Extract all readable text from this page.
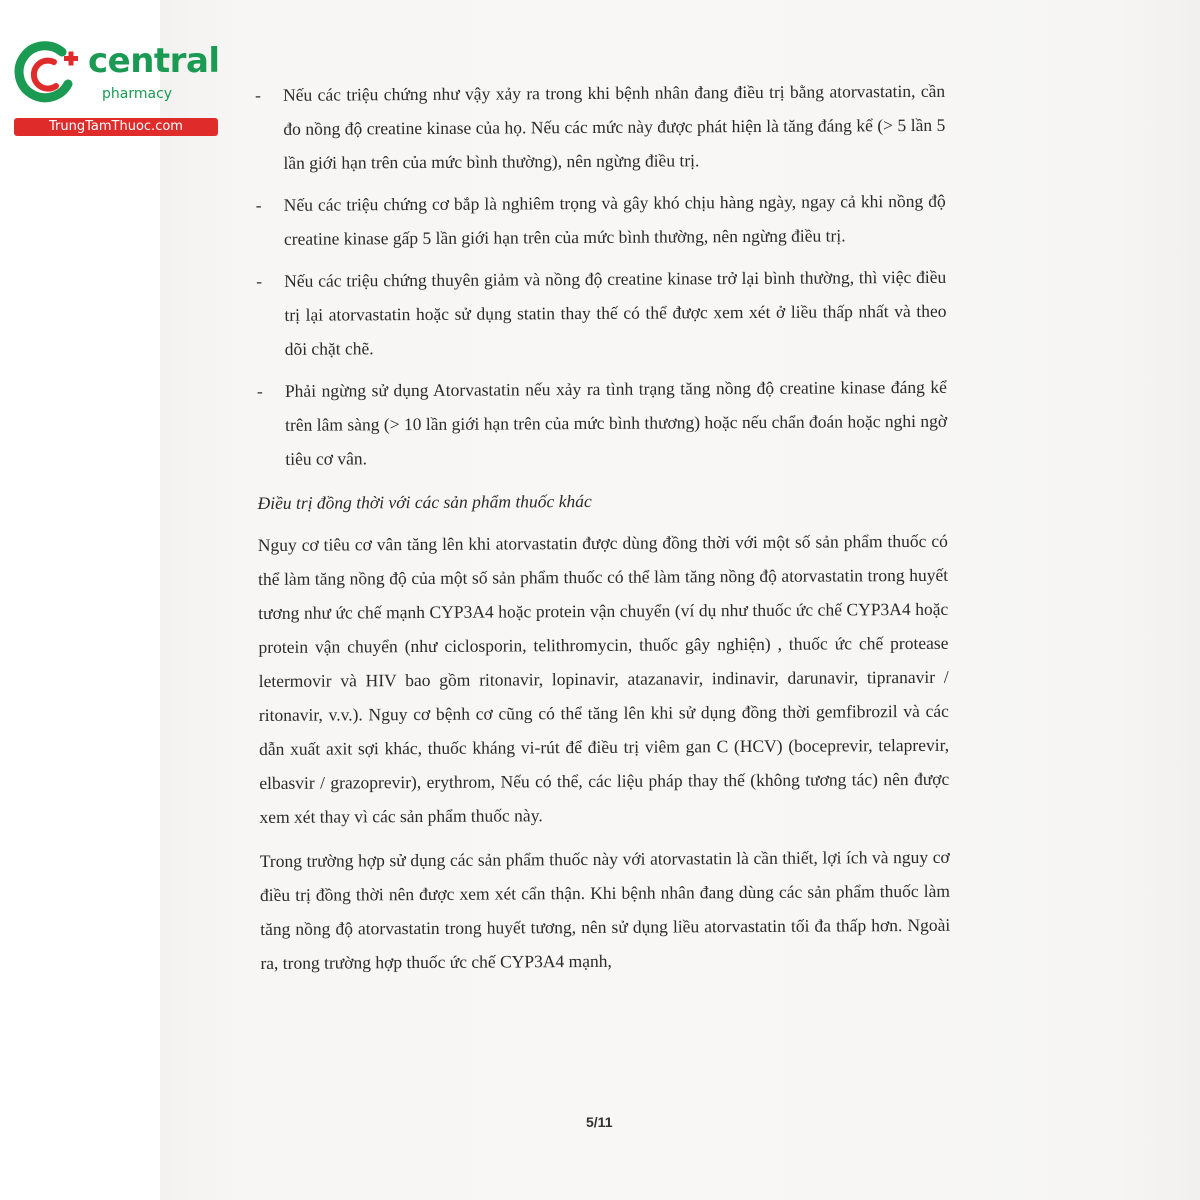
central
pharmacy
TrungTamThuoc.com
- Nếu các triệu chứng như vậy xảy ra trong khi bệnh nhân đang điều trị bằng atorvastatin, cần đo nồng độ creatine kinase của họ. Nếu các mức này được phát hiện là tăng đáng kể (> 5 lần 5 lần giới hạn trên của mức bình thường), nên ngừng điều trị.
- Nếu các triệu chứng cơ bắp là nghiêm trọng và gây khó chịu hàng ngày, ngay cả khi nồng độ creatine kinase gấp 5 lần giới hạn trên của mức bình thường, nên ngừng điều trị.
- Nếu các triệu chứng thuyên giảm và nồng độ creatine kinase trở lại bình thường, thì việc điều trị lại atorvastatin hoặc sử dụng statin thay thế có thể được xem xét ở liều thấp nhất và theo dõi chặt chẽ.
- Phải ngừng sử dụng Atorvastatin nếu xảy ra tình trạng tăng nồng độ creatine kinase đáng kể trên lâm sàng (> 10 lần giới hạn trên của mức bình thương) hoặc nếu chẩn đoán hoặc nghi ngờ tiêu cơ vân.
Điều trị đồng thời với các sản phẩm thuốc khác
Nguy cơ tiêu cơ vân tăng lên khi atorvastatin được dùng đồng thời với một số sản phẩm thuốc có thể làm tăng nồng độ của một số sản phẩm thuốc có thể làm tăng nồng độ atorvastatin trong huyết tương như ức chế mạnh CYP3A4 hoặc protein vận chuyển (ví dụ như thuốc ức chế CYP3A4 hoặc protein vận chuyển (như ciclosporin, telithromycin, thuốc gây nghiện) , thuốc ức chế protease letermovir và HIV bao gồm ritonavir, lopinavir, atazanavir, indinavir, darunavir, tipranavir / ritonavir, v.v.). Nguy cơ bệnh cơ cũng có thể tăng lên khi sử dụng đồng thời gemfibrozil và các dẫn xuất axit sợi khác, thuốc kháng vi-rút để điều trị viêm gan C (HCV) (boceprevir, telaprevir, elbasvir / grazoprevir), erythrom, Nếu có thể, các liệu pháp thay thế (không tương tác) nên được xem xét thay vì các sản phẩm thuốc này.
Trong trường hợp sử dụng các sản phẩm thuốc này với atorvastatin là cần thiết, lợi ích và nguy cơ điều trị đồng thời nên được xem xét cẩn thận. Khi bệnh nhân đang dùng các sản phẩm thuốc làm tăng nồng độ atorvastatin trong huyết tương, nên sử dụng liều atorvastatin tối đa thấp hơn. Ngoài ra, trong trường hợp thuốc ức chế CYP3A4 mạnh,
5/11
